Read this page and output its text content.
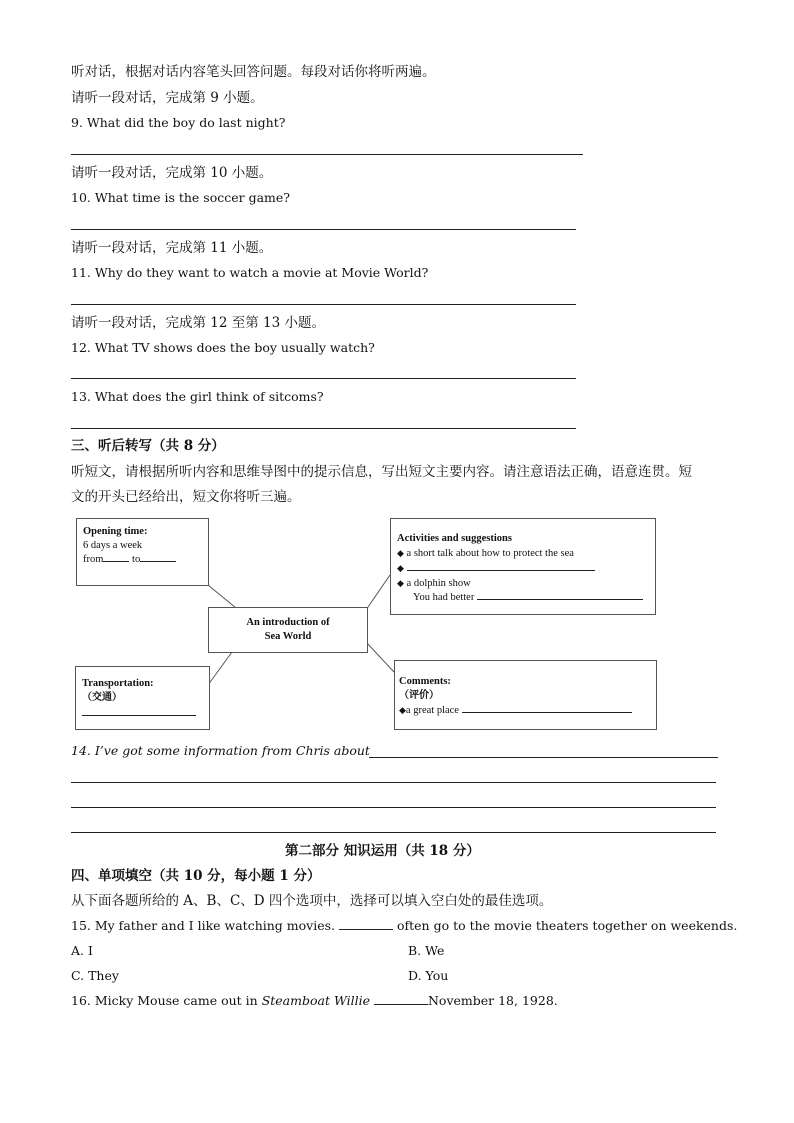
听对话，根据对话内容笔头回答问题。每段对话你将听两遍。
请听一段对话，完成第 9 小题。
9. What did the boy do last night?
请听一段对话，完成第 10 小题。
10. What time is the soccer game?
请听一段对话，完成第 11 小题。
11. Why do they want to watch a movie at Movie World?
请听一段对话，完成第 12 至第 13 小题。
12. What TV shows does the boy usually watch?
13. What does the girl think of sitcoms?
三、听后转写（共 8 分）
听短文，请根据所听内容和思维导图中的提示信息，写出短文主要内容。请注意语法正确，语意连贯。短
文的开头已经给出，短文你将听三遍。
Opening time:
6 days a week
from	to
Activities and suggestions
◆ a short talk about how to protect the sea
◆
◆ a dolphin show
You had better
An introduction of
Sea World
Transportation:
（交通）
Comments:
（评价）
◆a great place
14. I’ve got some information from Chris about
第二部分 知识运用（共 18 分）
四、单项填空（共 10 分，每小题 1 分）
从下面各题所给的 A、B、C、D 四个选项中，选择可以填入空白处的最佳选项。
15. My father and I like watching movies.	often go to the movie theaters together on weekends.
A. I	B. We
C. They	D. You
16. Micky Mouse came out in Steamboat Willie	November 18, 1928.
